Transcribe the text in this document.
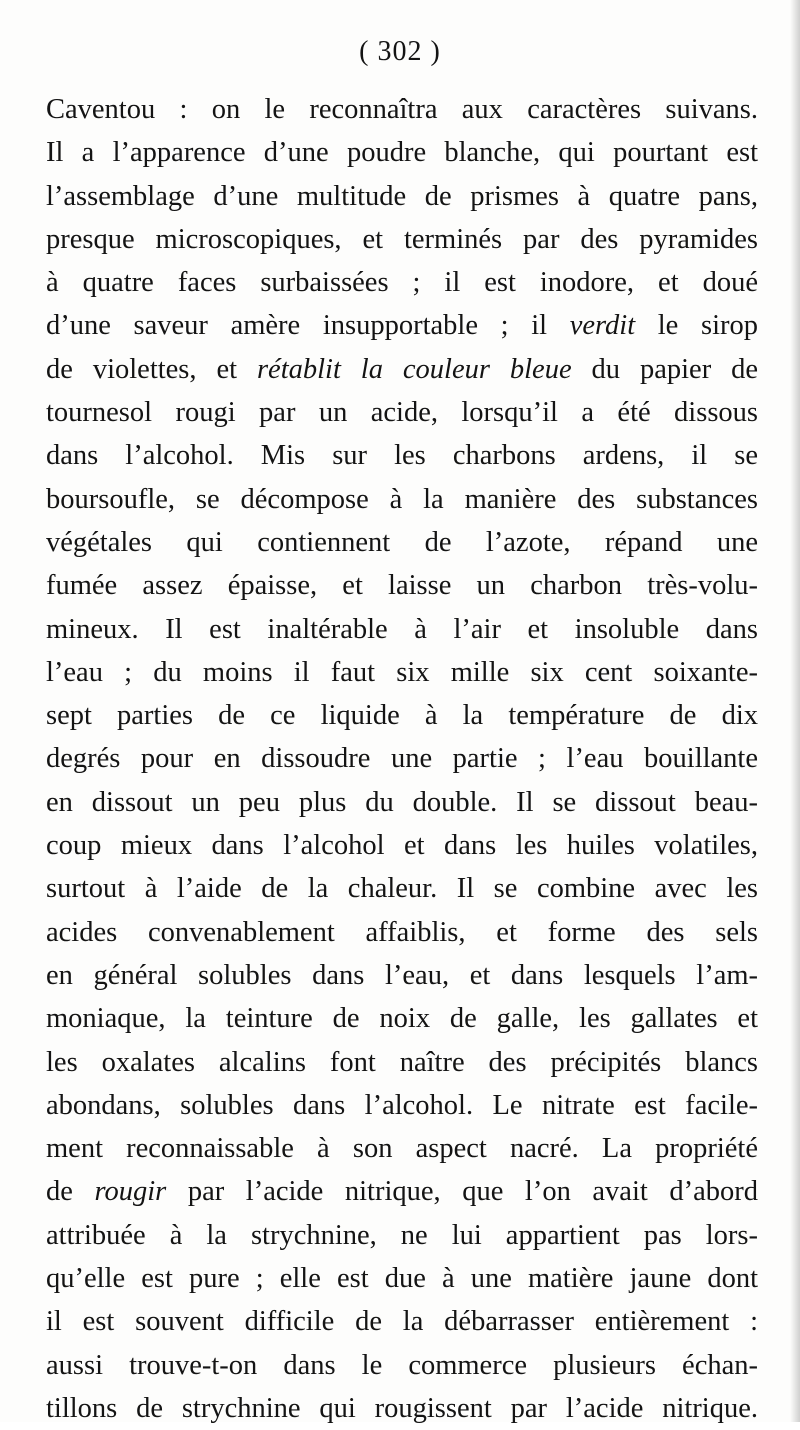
( 302 )
Caventou : on le reconnaîtra aux caractères suivans.
Il a l’apparence d’une poudre blanche, qui pourtant est
l’assemblage d’une multitude de prismes à quatre pans,
presque microscopiques, et terminés par des pyramides
à quatre faces surbaissées ; il est inodore, et doué
d’une saveur amère insupportable ; il verdit le sirop
de violettes, et rétablit la couleur bleue du papier de
tournesol rougi par un acide, lorsqu’il a été dissous
dans l’alcohol. Mis sur les charbons ardens, il se
boursoufle, se décompose à la manière des substances
végétales qui contiennent de l’azote, répand une
fumée assez épaisse, et laisse un charbon très-volu-
mineux. Il est inaltérable à l’air et insoluble dans
l’eau ; du moins il faut six mille six cent soixante-
sept parties de ce liquide à la température de dix
degrés pour en dissoudre une partie ; l’eau bouillante
en dissout un peu plus du double. Il se dissout beau-
coup mieux dans l’alcohol et dans les huiles volatiles,
surtout à l’aide de la chaleur. Il se combine avec les
acides convenablement affaiblis, et forme des sels
en général solubles dans l’eau, et dans lesquels l’am-
moniaque, la teinture de noix de galle, les gallates et
les oxalates alcalins font naître des précipités blancs
abondans, solubles dans l’alcohol. Le nitrate est facile-
ment reconnaissable à son aspect nacré. La propriété
de rougir par l’acide nitrique, que l’on avait d’abord
attribuée à la strychnine, ne lui appartient pas lors-
qu’elle est pure ; elle est due à une matière jaune dont
il est souvent difficile de la débarrasser entièrement :
aussi trouve-t-on dans le commerce plusieurs échan-
tillons de strychnine qui rougissent par l’acide nitrique.
